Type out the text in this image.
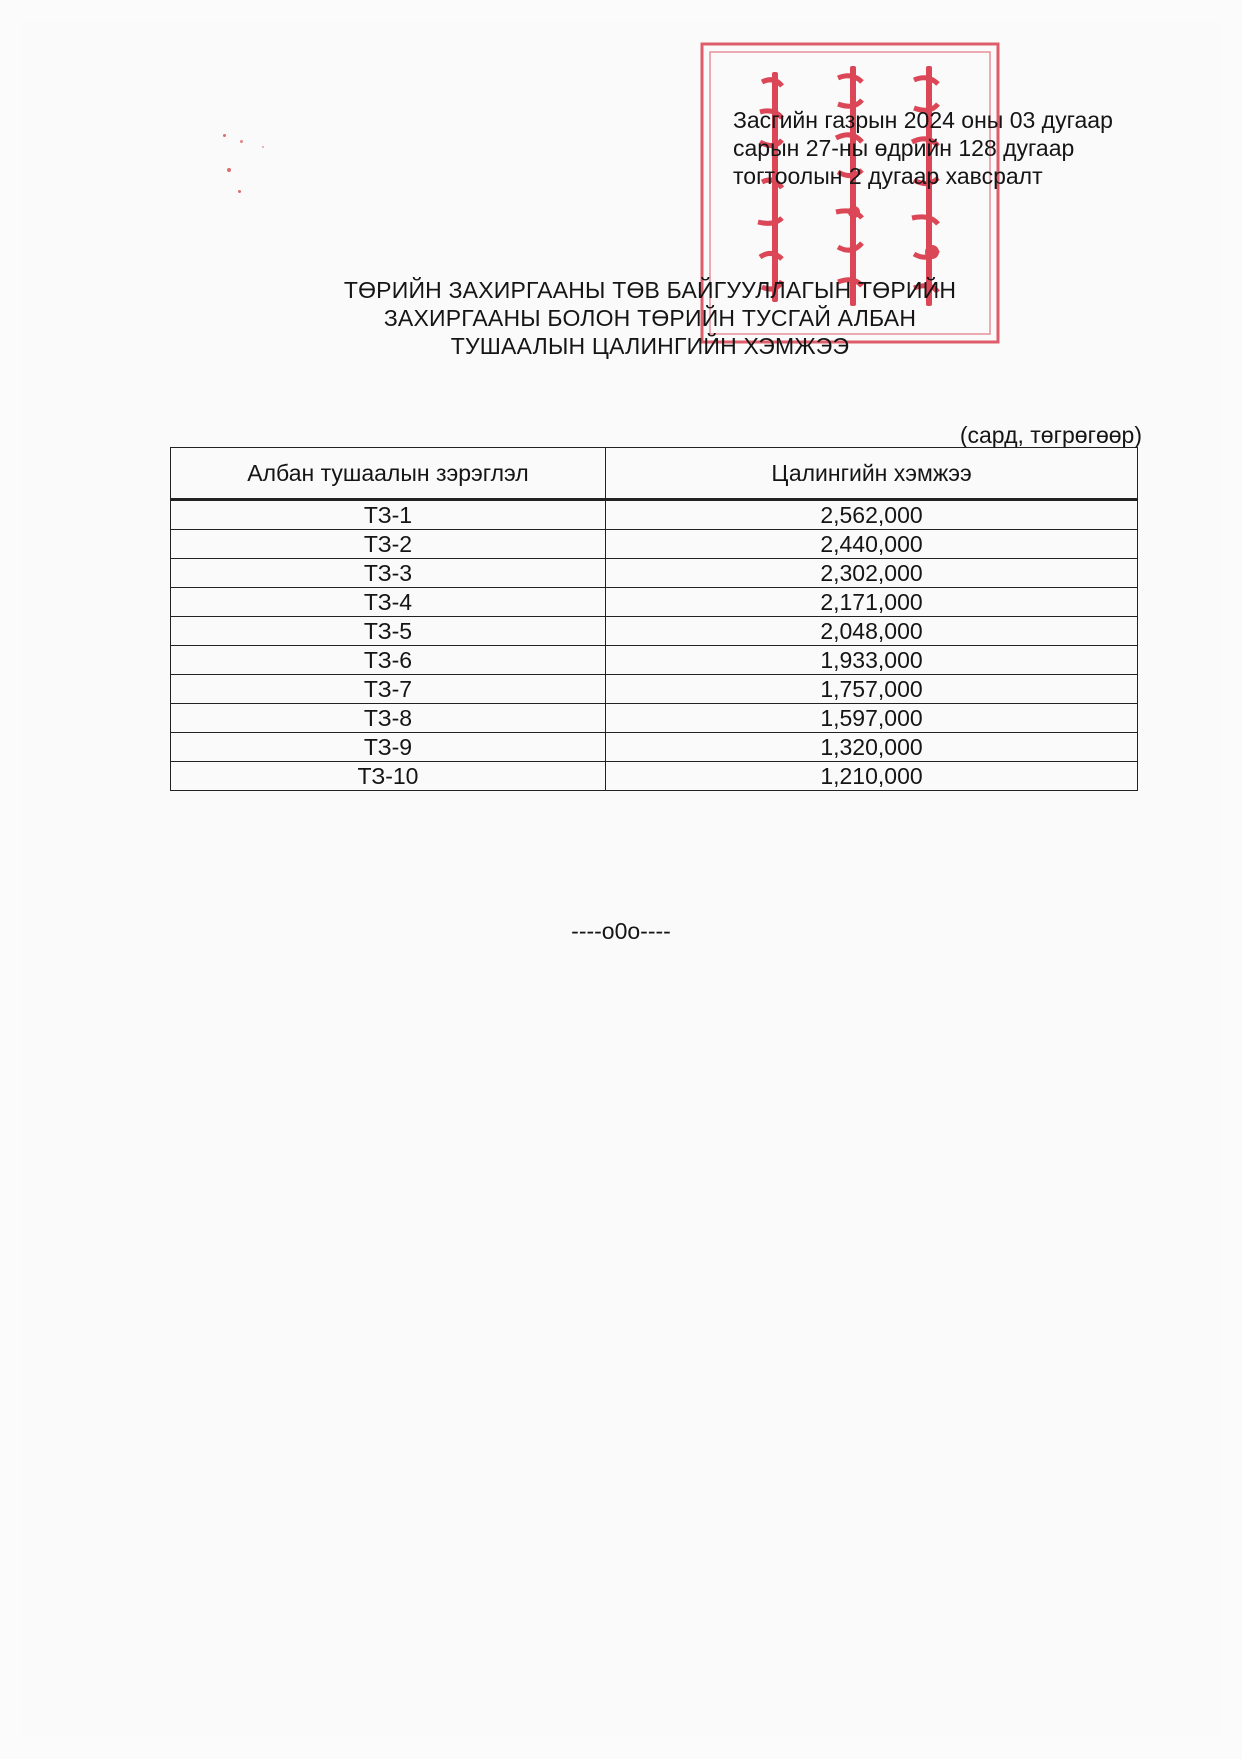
Засгийн газрын 2024 оны 03 дугаар
сарын 27-ны өдрийн 128 дугаар
тогтоолын 2 дугаар хавсралт
ТӨРИЙН ЗАХИРГААНЫ ТӨВ БАЙГУУЛЛАГЫН ТӨРИЙН
ЗАХИРГААНЫ БОЛОН ТӨРИЙН ТУСГАЙ АЛБАН
ТУШААЛЫН ЦАЛИНГИЙН ХЭМЖЭЭ
(сард, төгрөгөөр)
Албан тушаалын зэрэглэл	Цалингийн хэмжээ
ТЗ-1	2,562,000
ТЗ-2	2,440,000
ТЗ-3	2,302,000
ТЗ-4	2,171,000
ТЗ-5	2,048,000
ТЗ-6	1,933,000
ТЗ-7	1,757,000
ТЗ-8	1,597,000
ТЗ-9	1,320,000
ТЗ-10	1,210,000
----o0o----
